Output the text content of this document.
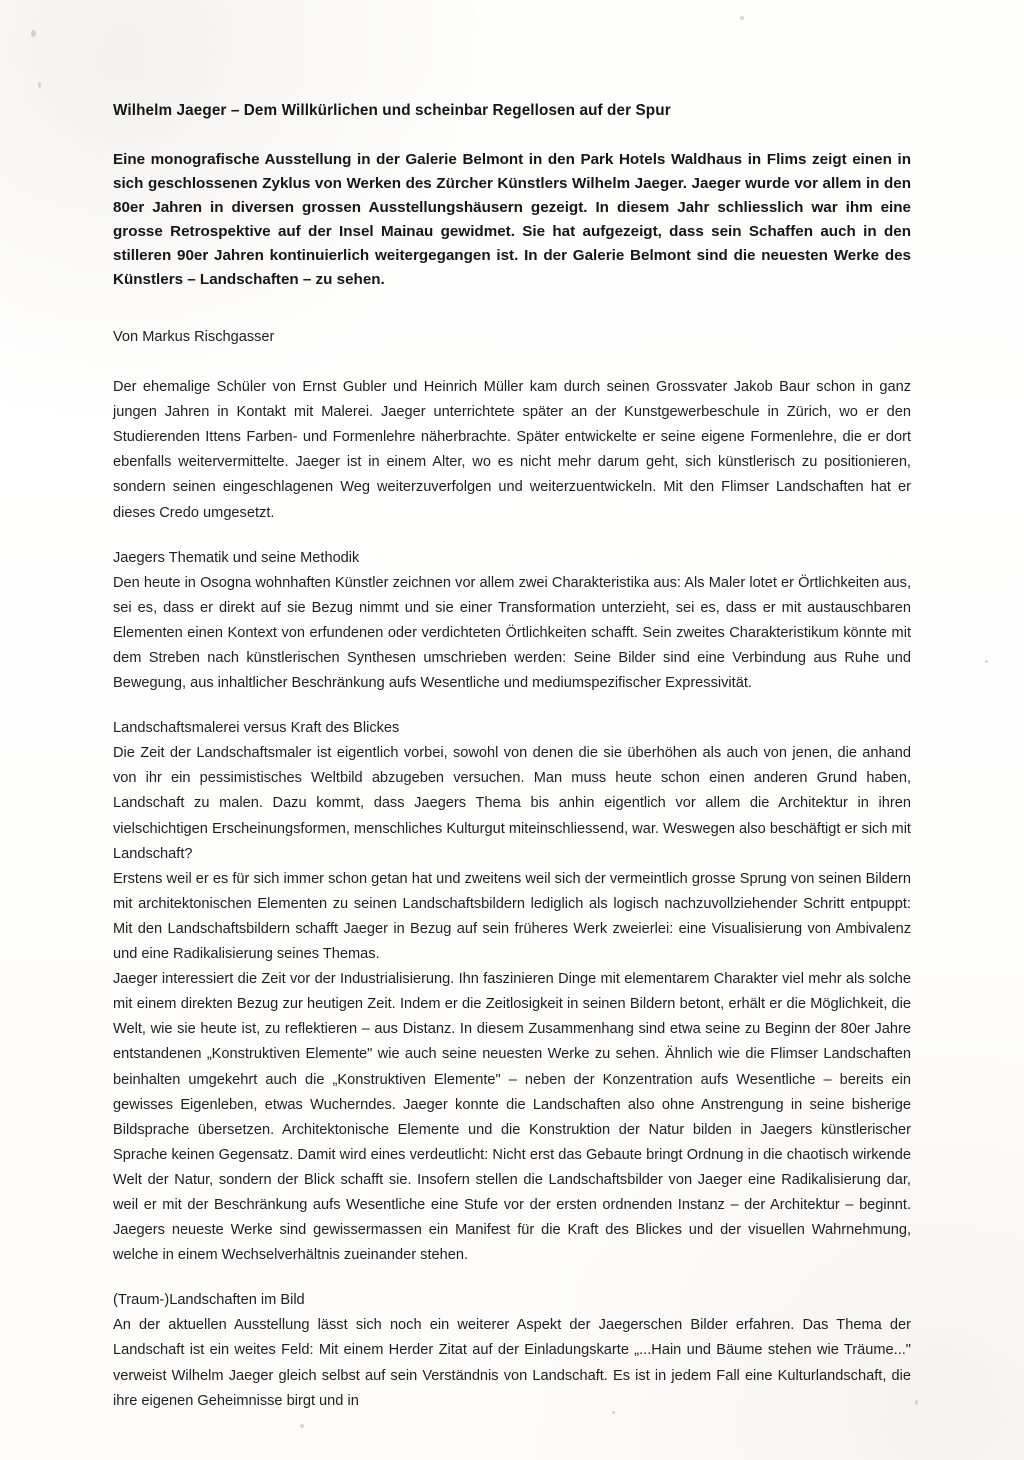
Wilhelm Jaeger – Dem Willkürlichen und scheinbar Regellosen auf der Spur

Eine monografische Ausstellung in der Galerie Belmont in den Park Hotels Waldhaus in Flims zeigt einen in sich geschlossenen Zyklus von Werken des Zürcher Künstlers Wilhelm Jaeger. Jaeger wurde vor allem in den 80er Jahren in diversen grossen Ausstellungshäusern gezeigt. In diesem Jahr schliesslich war ihm eine grosse Retrospektive auf der Insel Mainau gewidmet. Sie hat aufgezeigt, dass sein Schaffen auch in den stilleren 90er Jahren kontinuierlich weitergegangen ist. In der Galerie Belmont sind die neuesten Werke des Künstlers – Landschaften – zu sehen.

Von Markus Rischgasser

Der ehemalige Schüler von Ernst Gubler und Heinrich Müller kam durch seinen Grossvater Jakob Baur schon in ganz jungen Jahren in Kontakt mit Malerei. Jaeger unterrichtete später an der Kunstgewerbeschule in Zürich, wo er den Studierenden Ittens Farben- und Formenlehre näherbrachte. Später entwickelte er seine eigene Formenlehre, die er dort ebenfalls weitervermittelte. Jaeger ist in einem Alter, wo es nicht mehr darum geht, sich künstlerisch zu positionieren, sondern seinen eingeschlagenen Weg weiterzuverfolgen und weiterzuentwickeln. Mit den Flimser Landschaften hat er dieses Credo umgesetzt.

Jaegers Thematik und seine Methodik

Den heute in Osogna wohnhaften Künstler zeichnen vor allem zwei Charakteristika aus: Als Maler lotet er Örtlichkeiten aus, sei es, dass er direkt auf sie Bezug nimmt und sie einer Transformation unterzieht, sei es, dass er mit austauschbaren Elementen einen Kontext von erfundenen oder verdichteten Örtlichkeiten schafft. Sein zweites Charakteristikum könnte mit dem Streben nach künstlerischen Synthesen umschrieben werden: Seine Bilder sind eine Verbindung aus Ruhe und Bewegung, aus inhaltlicher Beschränkung aufs Wesentliche und mediumspezifischer Expressivität.

Landschaftsmalerei versus Kraft des Blickes

Die Zeit der Landschaftsmaler ist eigentlich vorbei, sowohl von denen die sie überhöhen als auch von jenen, die anhand von ihr ein pessimistisches Weltbild abzugeben versuchen. Man muss heute schon einen anderen Grund haben, Landschaft zu malen. Dazu kommt, dass Jaegers Thema bis anhin eigentlich vor allem die Architektur in ihren vielschichtigen Erscheinungsformen, menschliches Kulturgut miteinschliessend, war. Weswegen also beschäftigt er sich mit Landschaft?

Erstens weil er es für sich immer schon getan hat und zweitens weil sich der vermeintlich grosse Sprung von seinen Bildern mit architektonischen Elementen zu seinen Landschaftsbildern lediglich als logisch nachzuvollziehender Schritt entpuppt: Mit den Landschaftsbildern schafft Jaeger in Bezug auf sein früheres Werk zweierlei: eine Visualisierung von Ambivalenz und eine Radikalisierung seines Themas.

Jaeger interessiert die Zeit vor der Industrialisierung. Ihn faszinieren Dinge mit elementarem Charakter viel mehr als solche mit einem direkten Bezug zur heutigen Zeit. Indem er die Zeitlosigkeit in seinen Bildern betont, erhält er die Möglichkeit, die Welt, wie sie heute ist, zu reflektieren – aus Distanz. In diesem Zusammenhang sind etwa seine zu Beginn der 80er Jahre entstandenen „Konstruktiven Elemente" wie auch seine neuesten Werke zu sehen. Ähnlich wie die Flimser Landschaften beinhalten umgekehrt auch die „Konstruktiven Elemente" – neben der Konzentration aufs Wesentliche – bereits ein gewisses Eigenleben, etwas Wucherndes. Jaeger konnte die Landschaften also ohne Anstrengung in seine bisherige Bildsprache übersetzen. Architektonische Elemente und die Konstruktion der Natur bilden in Jaegers künstlerischer Sprache keinen Gegensatz. Damit wird eines verdeutlicht: Nicht erst das Gebaute bringt Ordnung in die chaotisch wirkende Welt der Natur, sondern der Blick schafft sie. Insofern stellen die Landschaftsbilder von Jaeger eine Radikalisierung dar, weil er mit der Beschränkung aufs Wesentliche eine Stufe vor der ersten ordnenden Instanz – der Architektur – beginnt. Jaegers neueste Werke sind gewissermassen ein Manifest für die Kraft des Blickes und der visuellen Wahrnehmung, welche in einem Wechselverhältnis zueinander stehen.

(Traum-)Landschaften im Bild

An der aktuellen Ausstellung lässt sich noch ein weiterer Aspekt der Jaegerschen Bilder erfahren. Das Thema der Landschaft ist ein weites Feld: Mit einem Herder Zitat auf der Einladungskarte „...Hain und Bäume stehen wie Träume..." verweist Wilhelm Jaeger gleich selbst auf sein Verständnis von Landschaft. Es ist in jedem Fall eine Kulturlandschaft, die ihre eigenen Geheimnisse birgt und in
